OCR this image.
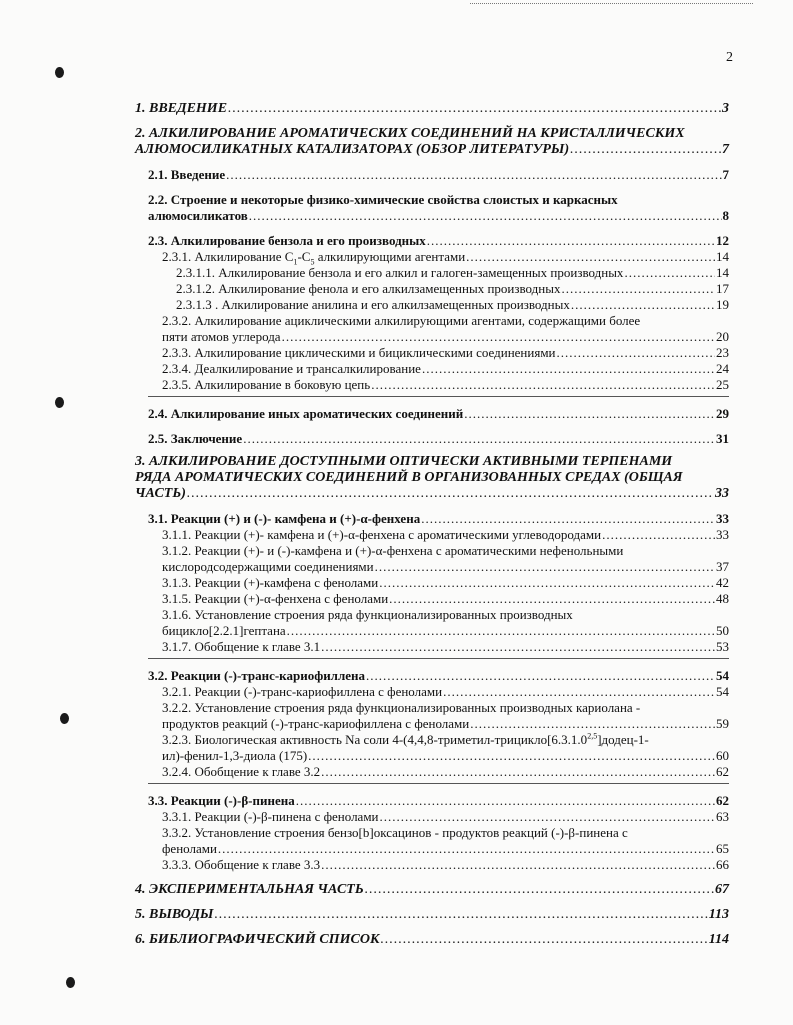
2
1. ВВЕДЕНИЕ .....	3
2. АЛКИЛИРОВАНИЕ АРОМАТИЧЕСКИХ СОЕДИНЕНИЙ НА КРИСТАЛЛИЧЕСКИХ
АЛЮМОСИЛИКАТНЫХ КАТАЛИЗАТОРАХ (ОБЗОР ЛИТЕРАТУРЫ) .....	7
2.1. Введение .....	7
2.2. Строение и некоторые физико-химические свойства слоистых и каркасных
алюмосиликатов .....	8
2.3. Алкилирование бензола и его производных .....	12
2.3.1. Алкилирование $C_1-C_5$ алкилирующими агентами .....	14
2.3.1.1. Алкилирование бензола и его алкил и галоген-замещенных производных .....	14
2.3.1.2. Алкилирование фенола и его алкилзамещенных производных .....	17
2.3.1.3 . Алкилирование анилина и его алкилзамещенных производных .....	19
2.3.2. Алкилирование ациклическими алкилирующими агентами, содержащими более
пяти атомов углерода .....	20
2.3.3. Алкилирование циклическими и бициклическими соединениями .....	23
2.3.4. Деалкилирование и трансалкилирование .....	24
2.3.5. Алкилирование в боковую цепь .....	25
2.4. Алкилирование иных ароматических соединений .....	29
2.5. Заключение .....	31
3. АЛКИЛИРОВАНИЕ ДОСТУПНЫМИ ОПТИЧЕСКИ АКТИВНЫМИ ТЕРПЕНАМИ
РЯДА АРОМАТИЧЕСКИХ СОЕДИНЕНИЙ В ОРГАНИЗОВАННЫХ СРЕДАХ (ОБЩАЯ
ЧАСТЬ) .....	33
3.1. Реакции (+) и (-)- камфена и (+)-α-фенхена .....	33
3.1.1. Реакции (+)- камфена и (+)-α-фенхена с ароматическими углеводородами .....	33
3.1.2. Реакции (+)- и (-)-камфена и (+)-α-фенхена с ароматическими нефенольными
кислородсодержащими соединениями .....	37
3.1.3. Реакции (+)-камфена с фенолами .....	42
3.1.5. Реакции (+)-α-фенхена с фенолами .....	48
3.1.6. Установление строения ряда функционализированных производных
бицикло[2.2.1]гептана .....	50
3.1.7. Обобщение к главе 3.1 .....	53
3.2. Реакции (-)-транс-кариофиллена .....	54
3.2.1. Реакции (-)-транс-кариофиллена с фенолами .....	54
3.2.2. Установление строения ряда функционализированных производных кариолана -
продуктов реакций (-)-транс-кариофиллена с фенолами .....	59
3.2.3. Биологическая активность Na соли 4-(4,4,8-триметил-трицикло[6.3.1.0$^{2,5}$]додец-1-
ил)-фенил-1,3-диола (175) .....	60
3.2.4. Обобщение к главе 3.2 .....	62
3.3. Реакции (-)-β-пинена .....	62
3.3.1. Реакции (-)-β-пинена с фенолами .....	63
3.3.2. Установление строения бензо[b]оксацинов - продуктов реакций (-)-β-пинена с
фенолами .....	65
3.3.3. Обобщение к главе 3.3 .....	66
4. ЭКСПЕРИМЕНТАЛЬНАЯ ЧАСТЬ .....	67
5. ВЫВОДЫ .....	113
6. БИБЛИОГРАФИЧЕСКИЙ СПИСОК .....	114
